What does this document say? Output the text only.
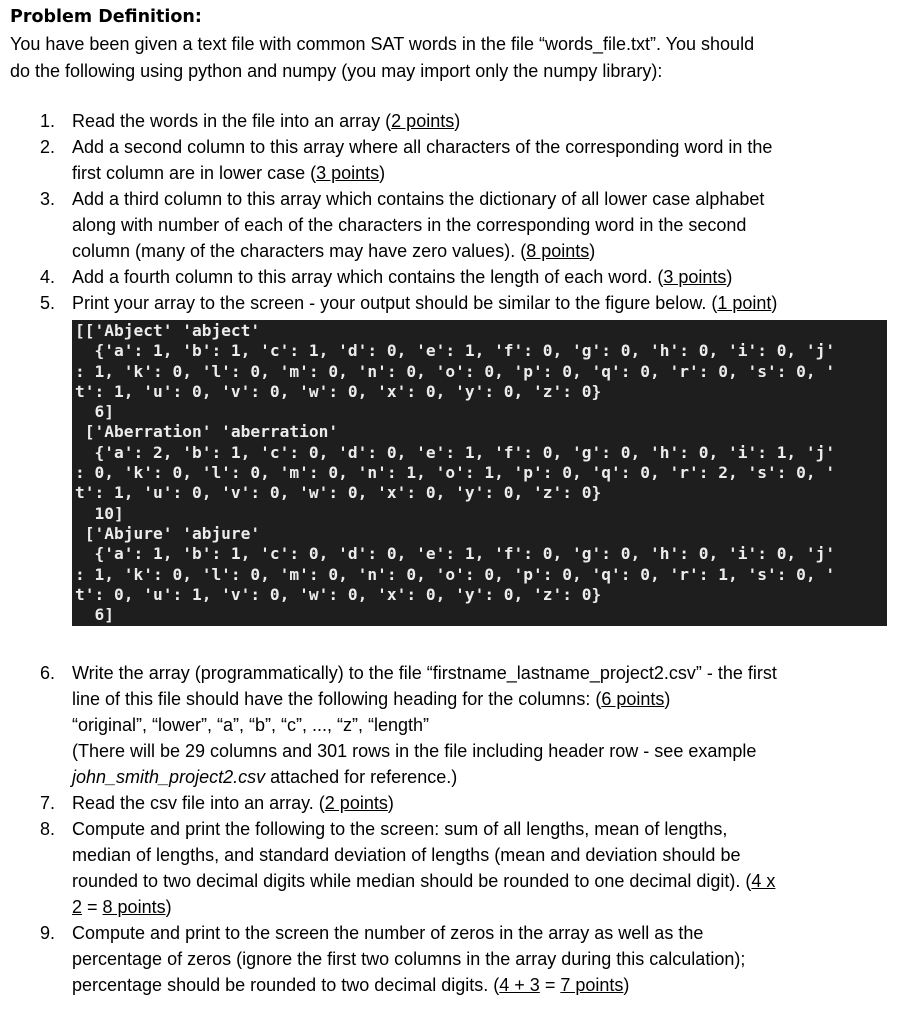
Problem Definition:
You have been given a text file with common SAT words in the file “words_file.txt”. You should
do the following using python and numpy (you may import only the numpy library):
1. Read the words in the file into an array (2 points)
2. Add a second column to this array where all characters of the corresponding word in the
first column are in lower case (3 points)
3. Add a third column to this array which contains the dictionary of all lower case alphabet
along with number of each of the characters in the corresponding word in the second
column (many of the characters may have zero values). (8 points)
4. Add a fourth column to this array which contains the length of each word. (3 points)
5. Print your array to the screen - your output should be similar to the figure below. (1 point)
[['Abject' 'abject'
{'a': 1, 'b': 1, 'c': 1, 'd': 0, 'e': 1, 'f': 0, 'g': 0, 'h': 0, 'i': 0, 'j'
: 1, 'k': 0, 'l': 0, 'm': 0, 'n': 0, 'o': 0, 'p': 0, 'q': 0, 'r': 0, 's': 0, '
t': 1, 'u': 0, 'v': 0, 'w': 0, 'x': 0, 'y': 0, 'z': 0}
6]
['Aberration' 'aberration'
{'a': 2, 'b': 1, 'c': 0, 'd': 0, 'e': 1, 'f': 0, 'g': 0, 'h': 0, 'i': 1, 'j'
: 0, 'k': 0, 'l': 0, 'm': 0, 'n': 1, 'o': 1, 'p': 0, 'q': 0, 'r': 2, 's': 0, '
t': 1, 'u': 0, 'v': 0, 'w': 0, 'x': 0, 'y': 0, 'z': 0}
10]
['Abjure' 'abjure'
{'a': 1, 'b': 1, 'c': 0, 'd': 0, 'e': 1, 'f': 0, 'g': 0, 'h': 0, 'i': 0, 'j'
: 1, 'k': 0, 'l': 0, 'm': 0, 'n': 0, 'o': 0, 'p': 0, 'q': 0, 'r': 1, 's': 0, '
t': 0, 'u': 1, 'v': 0, 'w': 0, 'x': 0, 'y': 0, 'z': 0}
6]
6. Write the array (programmatically) to the file “firstname_lastname_project2.csv” - the first
line of this file should have the following heading for the columns: (6 points)
“original”, “lower”, “a”, “b”, “c”, ..., “z”, “length”
(There will be 29 columns and 301 rows in the file including header row - see example
john_smith_project2.csv attached for reference.)
7. Read the csv file into an array. (2 points)
8. Compute and print the following to the screen: sum of all lengths, mean of lengths,
median of lengths, and standard deviation of lengths (mean and deviation should be
rounded to two decimal digits while median should be rounded to one decimal digit). (4 x
2 = 8 points)
9. Compute and print to the screen the number of zeros in the array as well as the
percentage of zeros (ignore the first two columns in the array during this calculation);
percentage should be rounded to two decimal digits. (4 + 3 = 7 points)
